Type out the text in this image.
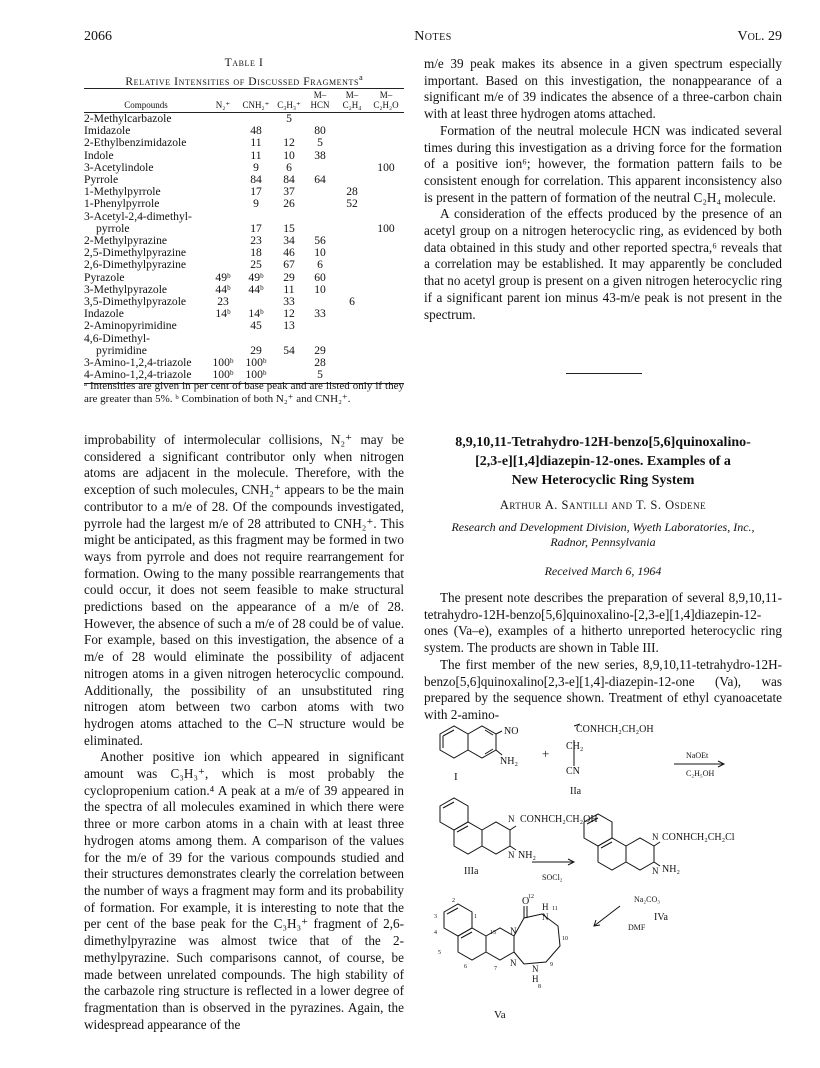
2066	Notes	Vol. 29
Table I
Relative Intensities of Discussed Fragments$^a$
				M–	M–	M–
Compounds	N₂⁺	CNH₂⁺	C₃H₃⁺	HCN	C₂H₄	C₂H₂O
2-Methylcarbazole			5			
Imidazole		48		80		
2-Ethylbenzimidazole		11	12	5		
Indole		11	10	38		
3-Acetylindole		9	6			100
Pyrrole		84	84	64		
1-Methylpyrrole		17	37		28	
1-Phenylpyrrole		9	26		52	
3-Acetyl-2,4-dimethyl-						
pyrrole		17	15			100
2-Methylpyrazine		23	34	56		
2,5-Dimethylpyrazine		18	46	10		
2,6-Dimethylpyrazine		25	67	6		
Pyrazole	49ᵇ	49ᵇ	29	60		
3-Methylpyrazole	44ᵇ	44ᵇ	11	10		
3,5-Dimethylpyrazole	23		33		6	
Indazole	14ᵇ	14ᵇ	12	33		
2-Aminopyrimidine		45	13			
4,6-Dimethyl-						
pyrimidine		29	54	29		
3-Amino-1,2,4-triazole	100ᵇ	100ᵇ		28		
4-Amino-1,2,4-triazole	100ᵇ	100ᵇ		5		
ᵃ Intensities are given in per cent of base peak and are listed only if they are greater than 5%. ᵇ Combination of both N₂⁺ and CNH₂⁺.

improbability of intermolecular collisions, N₂⁺ may be considered a significant contributor only when nitrogen atoms are adjacent in the molecule. Therefore, with the exception of such molecules, CNH₂⁺ appears to be the main contributor to a m/e of 28. Of the compounds investigated, pyrrole had the largest m/e of 28 attributed to CNH₂⁺. This might be anticipated, as this fragment may be formed in two ways from pyrrole and does not require rearrangement for formation. Owing to the many possible rearrangements that could occur, it does not seem feasible to make structural predictions based on the appearance of a m/e of 28. However, the absence of such a m/e of 28 could be of value. For example, based on this investigation, the absence of a m/e of 28 would eliminate the possibility of adjacent nitrogen atoms in a given nitrogen heterocyclic compound. Additionally, the possibility of an unsubstituted ring nitrogen atom between two carbon atoms with two hydrogen atoms attached to the C–N structure would be eliminated.

Another positive ion which appeared in significant amount was C₃H₃⁺, which is most probably the cyclopropenium cation.⁴ A peak at a m/e of 39 appeared in the spectra of all molecules examined in which there were three or more carbon atoms in a chain with at least three hydrogen atoms among them. A comparison of the values for the m/e of 39 for the various compounds studied and their structures demonstrates clearly the correlation between the number of ways a fragment may form and its probability of formation. For example, it is interesting to note that the per cent of the base peak for the C₃H₃⁺ fragment of 2,6-dimethylpyrazine was almost twice that of the 2-methylpyrazine. Such comparisons cannot, of course, be made between unrelated compounds. The high stability of the carbazole ring structure is reflected in a lower degree of fragmentation than is observed in the pyrazines. Again, the widespread appearance of the

m/e 39 peak makes its absence in a given spectrum especially important. Based on this investigation, the nonappearance of a significant m/e of 39 indicates the absence of a three-carbon chain with at least three hydrogen atoms attached.

Formation of the neutral molecule HCN was indicated several times during this investigation as a driving force for the formation of a positive ion⁶; however, the formation pattern fails to be consistent enough for correlation. This apparent inconsistency also is present in the pattern of formation of the neutral C₂H₄ molecule.

A consideration of the effects produced by the presence of an acetyl group on a nitrogen heterocyclic ring, as evidenced by both data obtained in this study and other reported spectra,⁶ reveals that a correlation may be established. It may apparently be concluded that no acetyl group is present on a given nitrogen heterocyclic ring if a significant parent ion minus 43-m/e peak is not present in the spectrum.

8,9,10,11-Tetrahydro-12H-benzo[5,6]quinoxalino-
[2,3-e][1,4]diazepin-12-ones. Examples of a
New Heterocyclic Ring System
Arthur A. Santilli and T. S. Osdene
Research and Development Division, Wyeth Laboratories, Inc.,
Radnor, Pennsylvania
Received March 6, 1964

The present note describes the preparation of several 8,9,10,11-tetrahydro-12H-benzo[5,6]quinoxalino-[2,3-e][1,4]diazepin-12-ones (Va–e), examples of a hitherto unreported heterocyclic ring system. The products are shown in Table III.

The first member of the new series, 8,9,10,11-tetrahydro-12H-benzo[5,6]quinoxalino[2,3-e][1,4]-diazepin-12-one (Va), was prepared by the sequence shown. Treatment of ethyl cyanoacetate with 2-amino-

NO
NH₂
I
+
CONHCH₂CH₂OH
CH₂
CN
IIa
NaOEt
C₂H₅OH
N
N
CONHCH₂CH₂OH
NH₂
IIIa
SOCl₂
N
N
CONHCH₂CH₂Cl
NH₂
Na₂CO₃
DMF
IVa
O H
N
N
N
N
H
Va
2
3
4
5
6	7
8
9
10
11
12
13
1
